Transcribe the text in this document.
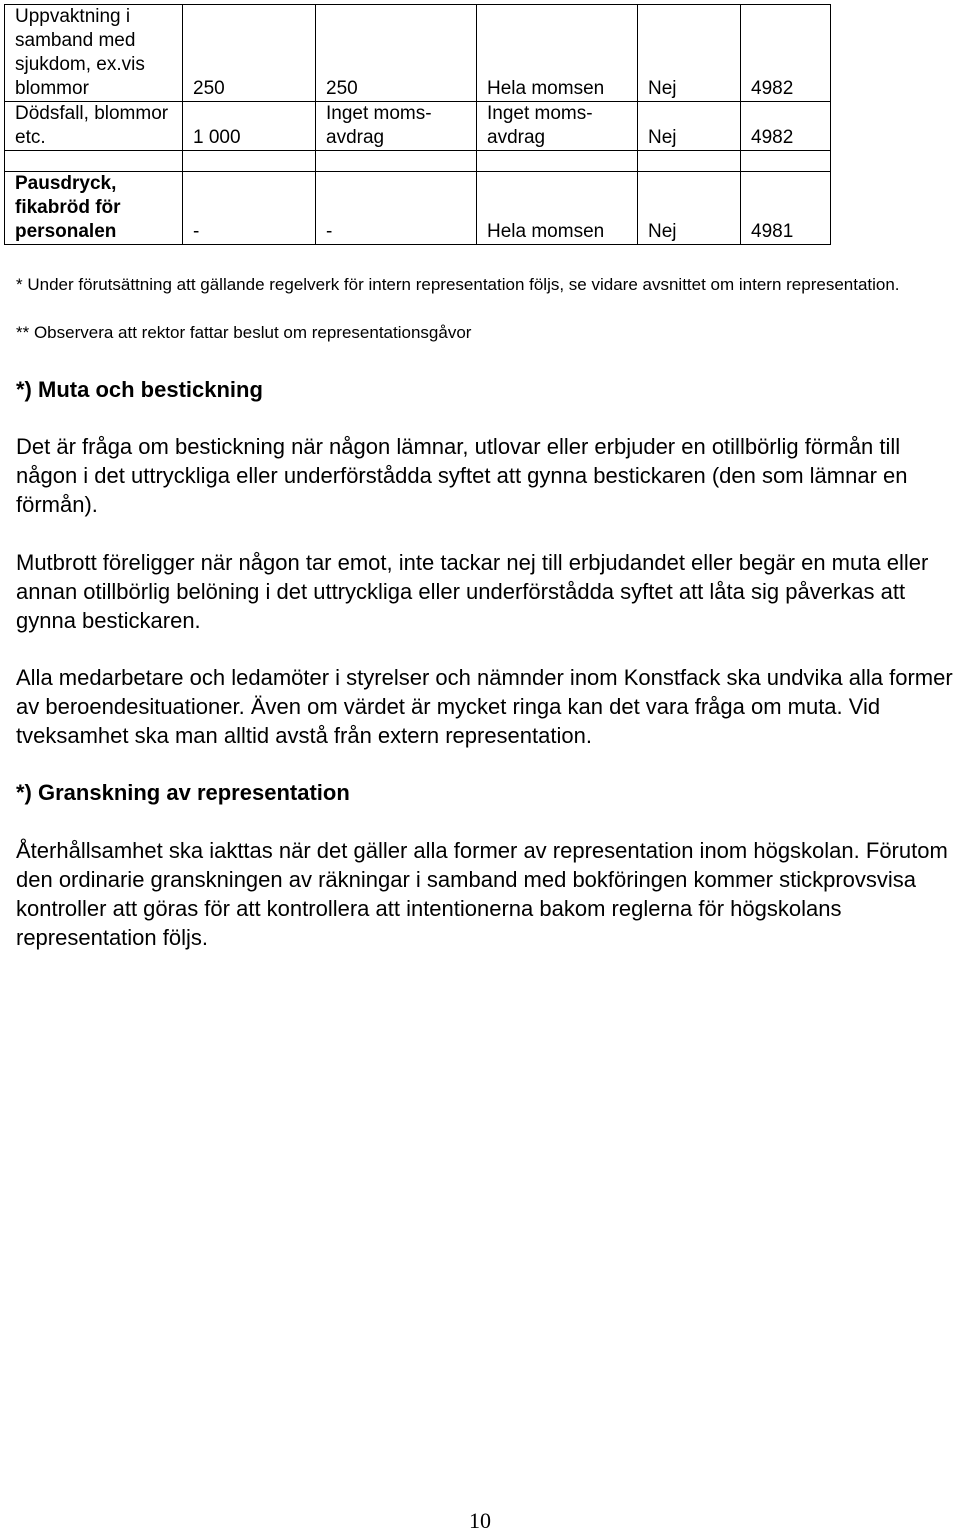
Uppvaktning i samband med sjukdom, ex.vis blommor	250	250	Hela momsen	Nej	4982
Dödsfall, blommor etc.	1 000	Inget moms-avdrag	Inget moms-avdrag	Nej	4982

Pausdryck, fikabröd för personalen	-	-	Hela momsen	Nej	4981
* Under förutsättning att gällande regelverk för intern representation följs, se vidare avsnittet om intern representation.
** Observera att rektor fattar beslut om representationsgåvor
*) Muta och bestickning
Det är fråga om bestickning när någon lämnar, utlovar eller erbjuder en otillbörlig förmån till någon i det uttryckliga eller underförstådda syftet att gynna bestickaren (den som lämnar en förmån).
Mutbrott föreligger när någon tar emot, inte tackar nej till erbjudandet eller begär en muta eller annan otillbörlig belöning i det uttryckliga eller underförstådda syftet att låta sig påverkas att gynna bestickaren.
Alla medarbetare och ledamöter i styrelser och nämnder inom Konstfack ska undvika alla former av beroendesituationer. Även om värdet är mycket ringa kan det vara fråga om muta. Vid tveksamhet ska man alltid avstå från extern representation.
*) Granskning av representation
Återhållsamhet ska iakttas när det gäller alla former av representation inom högskolan. Förutom den ordinarie granskningen av räkningar i samband med bokföringen kommer stickprovsvisa kontroller att göras för att kontrollera att intentionerna bakom reglerna för högskolans representation följs.
10
